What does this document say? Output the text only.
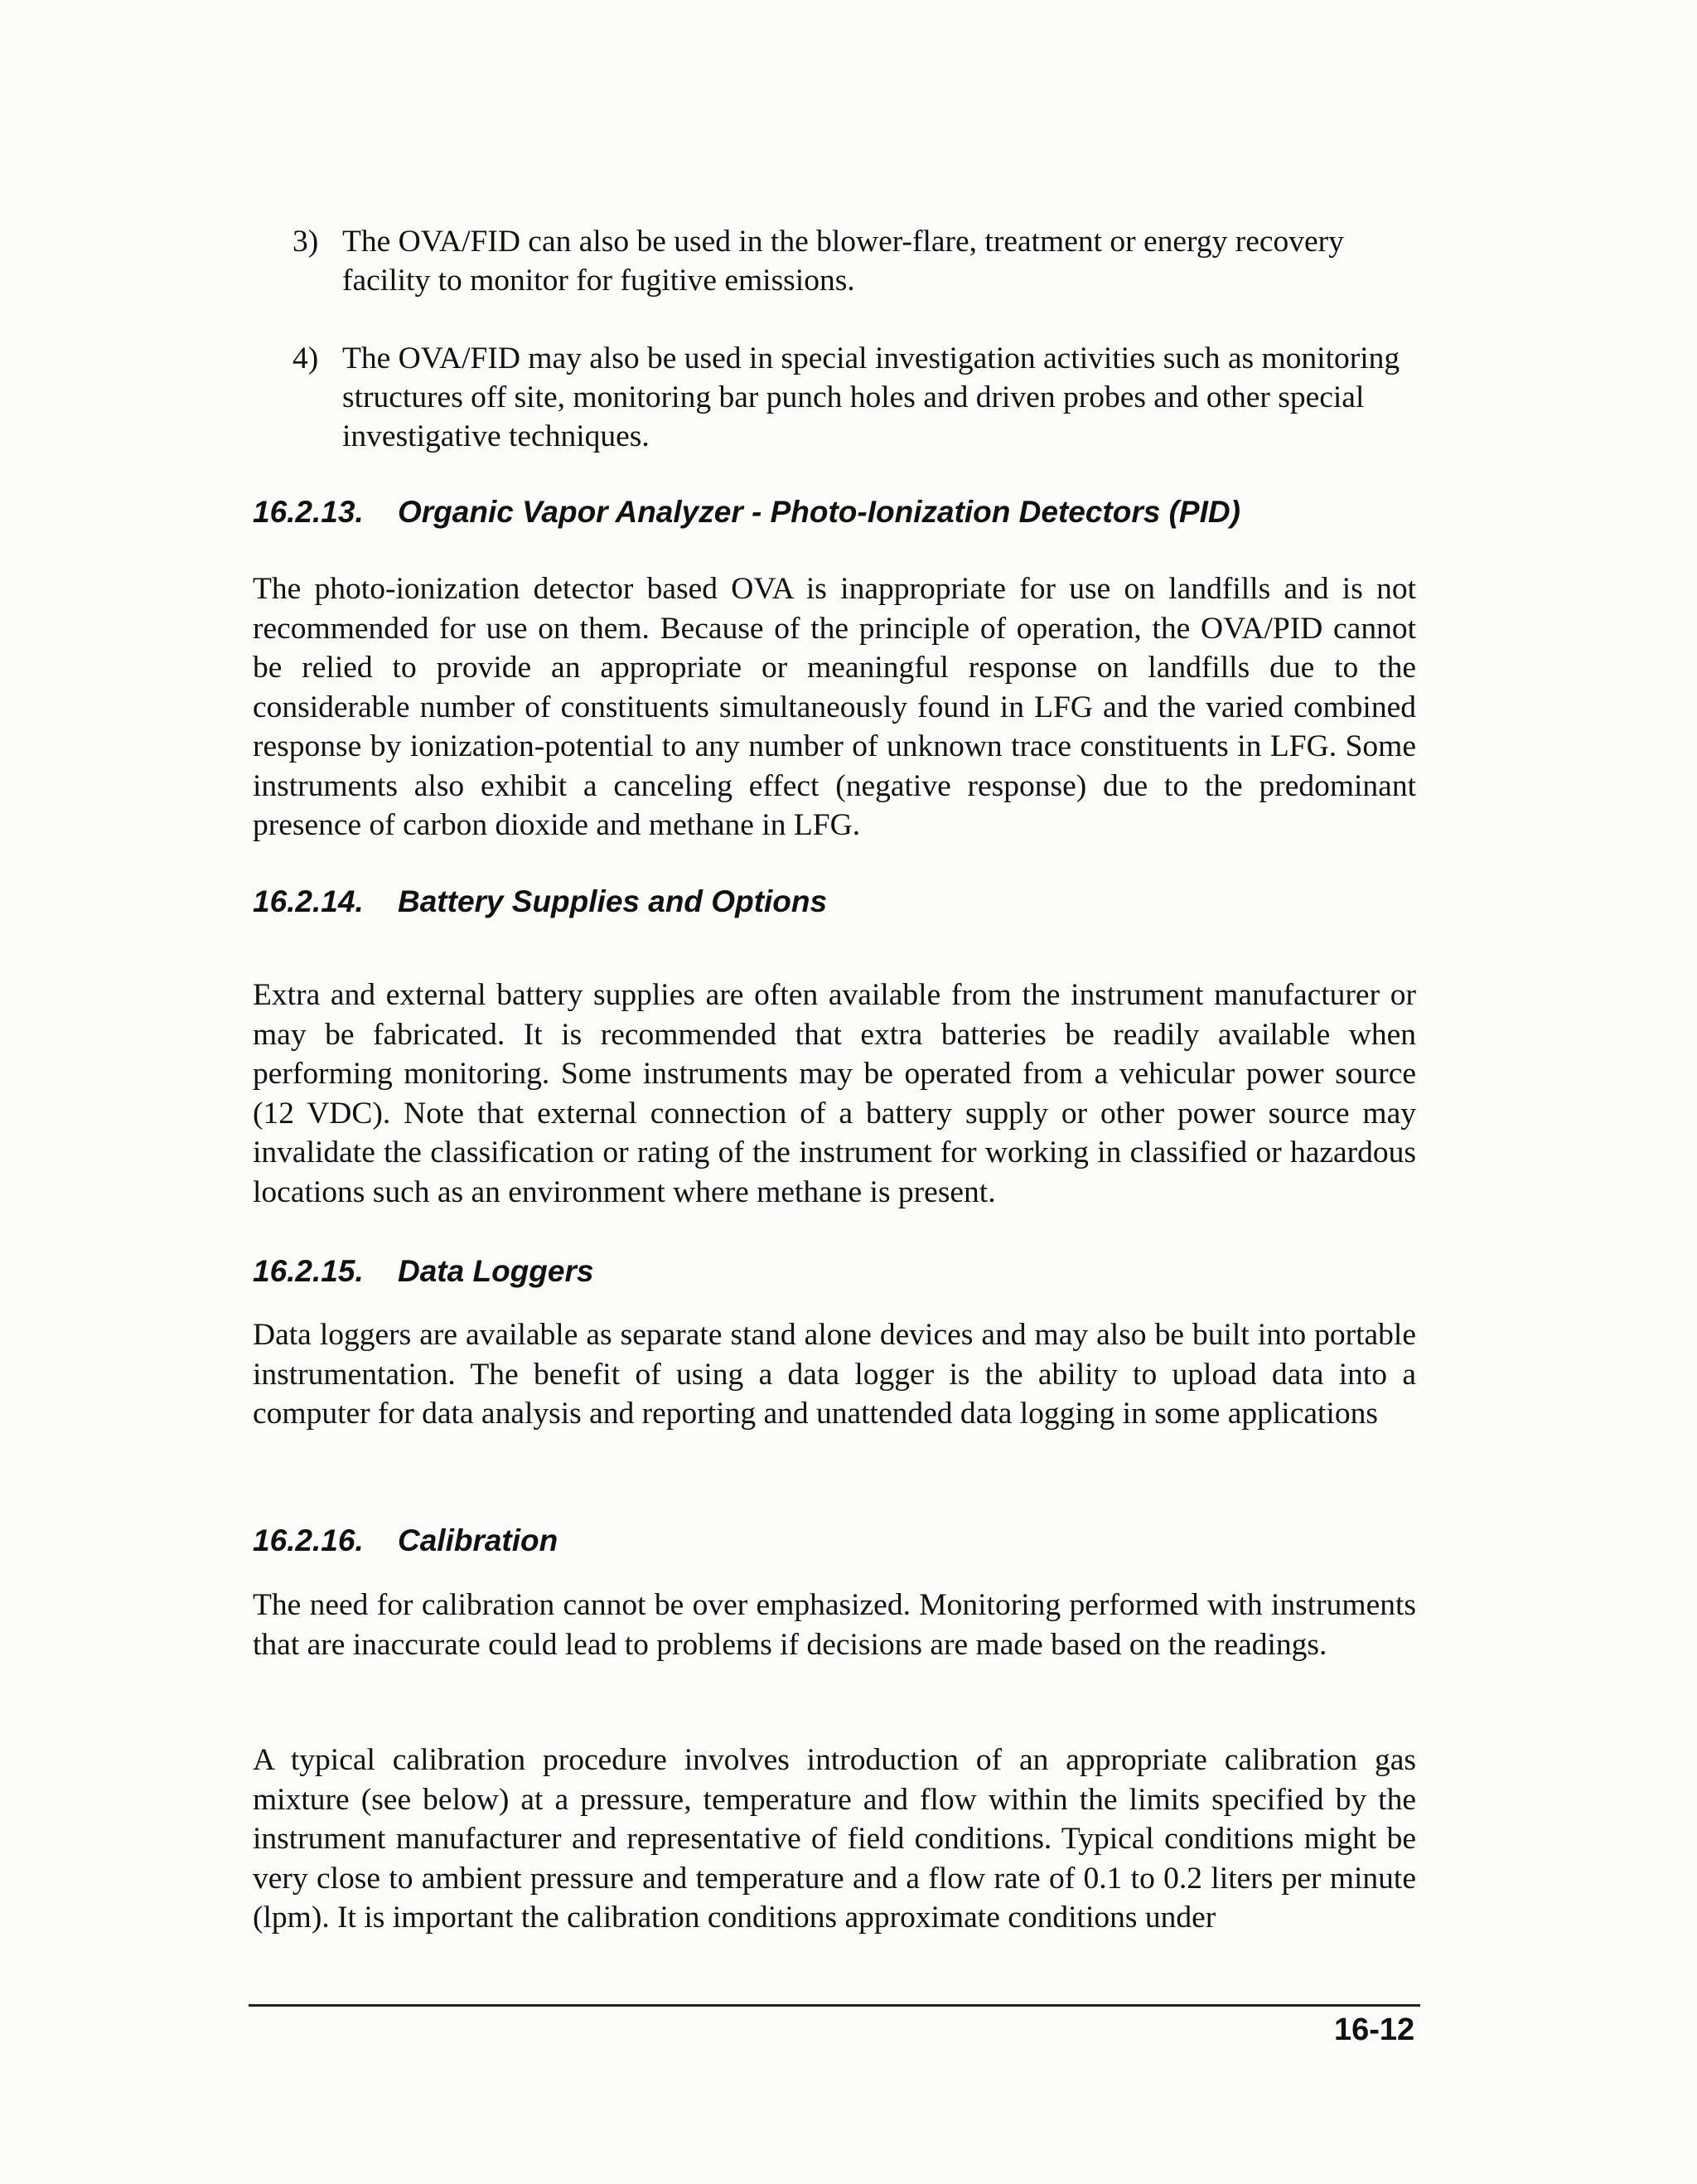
3) The OVA/FID can also be used in the blower-flare, treatment or energy recovery facility to monitor for fugitive emissions.
4) The OVA/FID may also be used in special investigation activities such as monitoring structures off site, monitoring bar punch holes and driven probes and other special investigative techniques.
16.2.13. Organic Vapor Analyzer - Photo-Ionization Detectors (PID)
The photo-ionization detector based OVA is inappropriate for use on landfills and is not recommended for use on them. Because of the principle of operation, the OVA/PID cannot be relied to provide an appropriate or meaningful response on landfills due to the considerable number of constituents simultaneously found in LFG and the varied combined response by ionization-potential to any number of unknown trace constituents in LFG. Some instruments also exhibit a canceling effect (negative response) due to the predominant presence of carbon dioxide and methane in LFG.
16.2.14. Battery Supplies and Options
Extra and external battery supplies are often available from the instrument manufacturer or may be fabricated. It is recommended that extra batteries be readily available when performing monitoring. Some instruments may be operated from a vehicular power source (12 VDC). Note that external connection of a battery supply or other power source may invalidate the classification or rating of the instrument for working in classified or hazardous locations such as an environment where methane is present.
16.2.15. Data Loggers
Data loggers are available as separate stand alone devices and may also be built into portable instrumentation. The benefit of using a data logger is the ability to upload data into a computer for data analysis and reporting and unattended data logging in some applications
16.2.16. Calibration
The need for calibration cannot be over emphasized. Monitoring performed with instruments that are inaccurate could lead to problems if decisions are made based on the readings.
A typical calibration procedure involves introduction of an appropriate calibration gas mixture (see below) at a pressure, temperature and flow within the limits specified by the instrument manufacturer and representative of field conditions. Typical conditions might be very close to ambient pressure and temperature and a flow rate of 0.1 to 0.2 liters per minute (lpm). It is important the calibration conditions approximate conditions under
16-12
